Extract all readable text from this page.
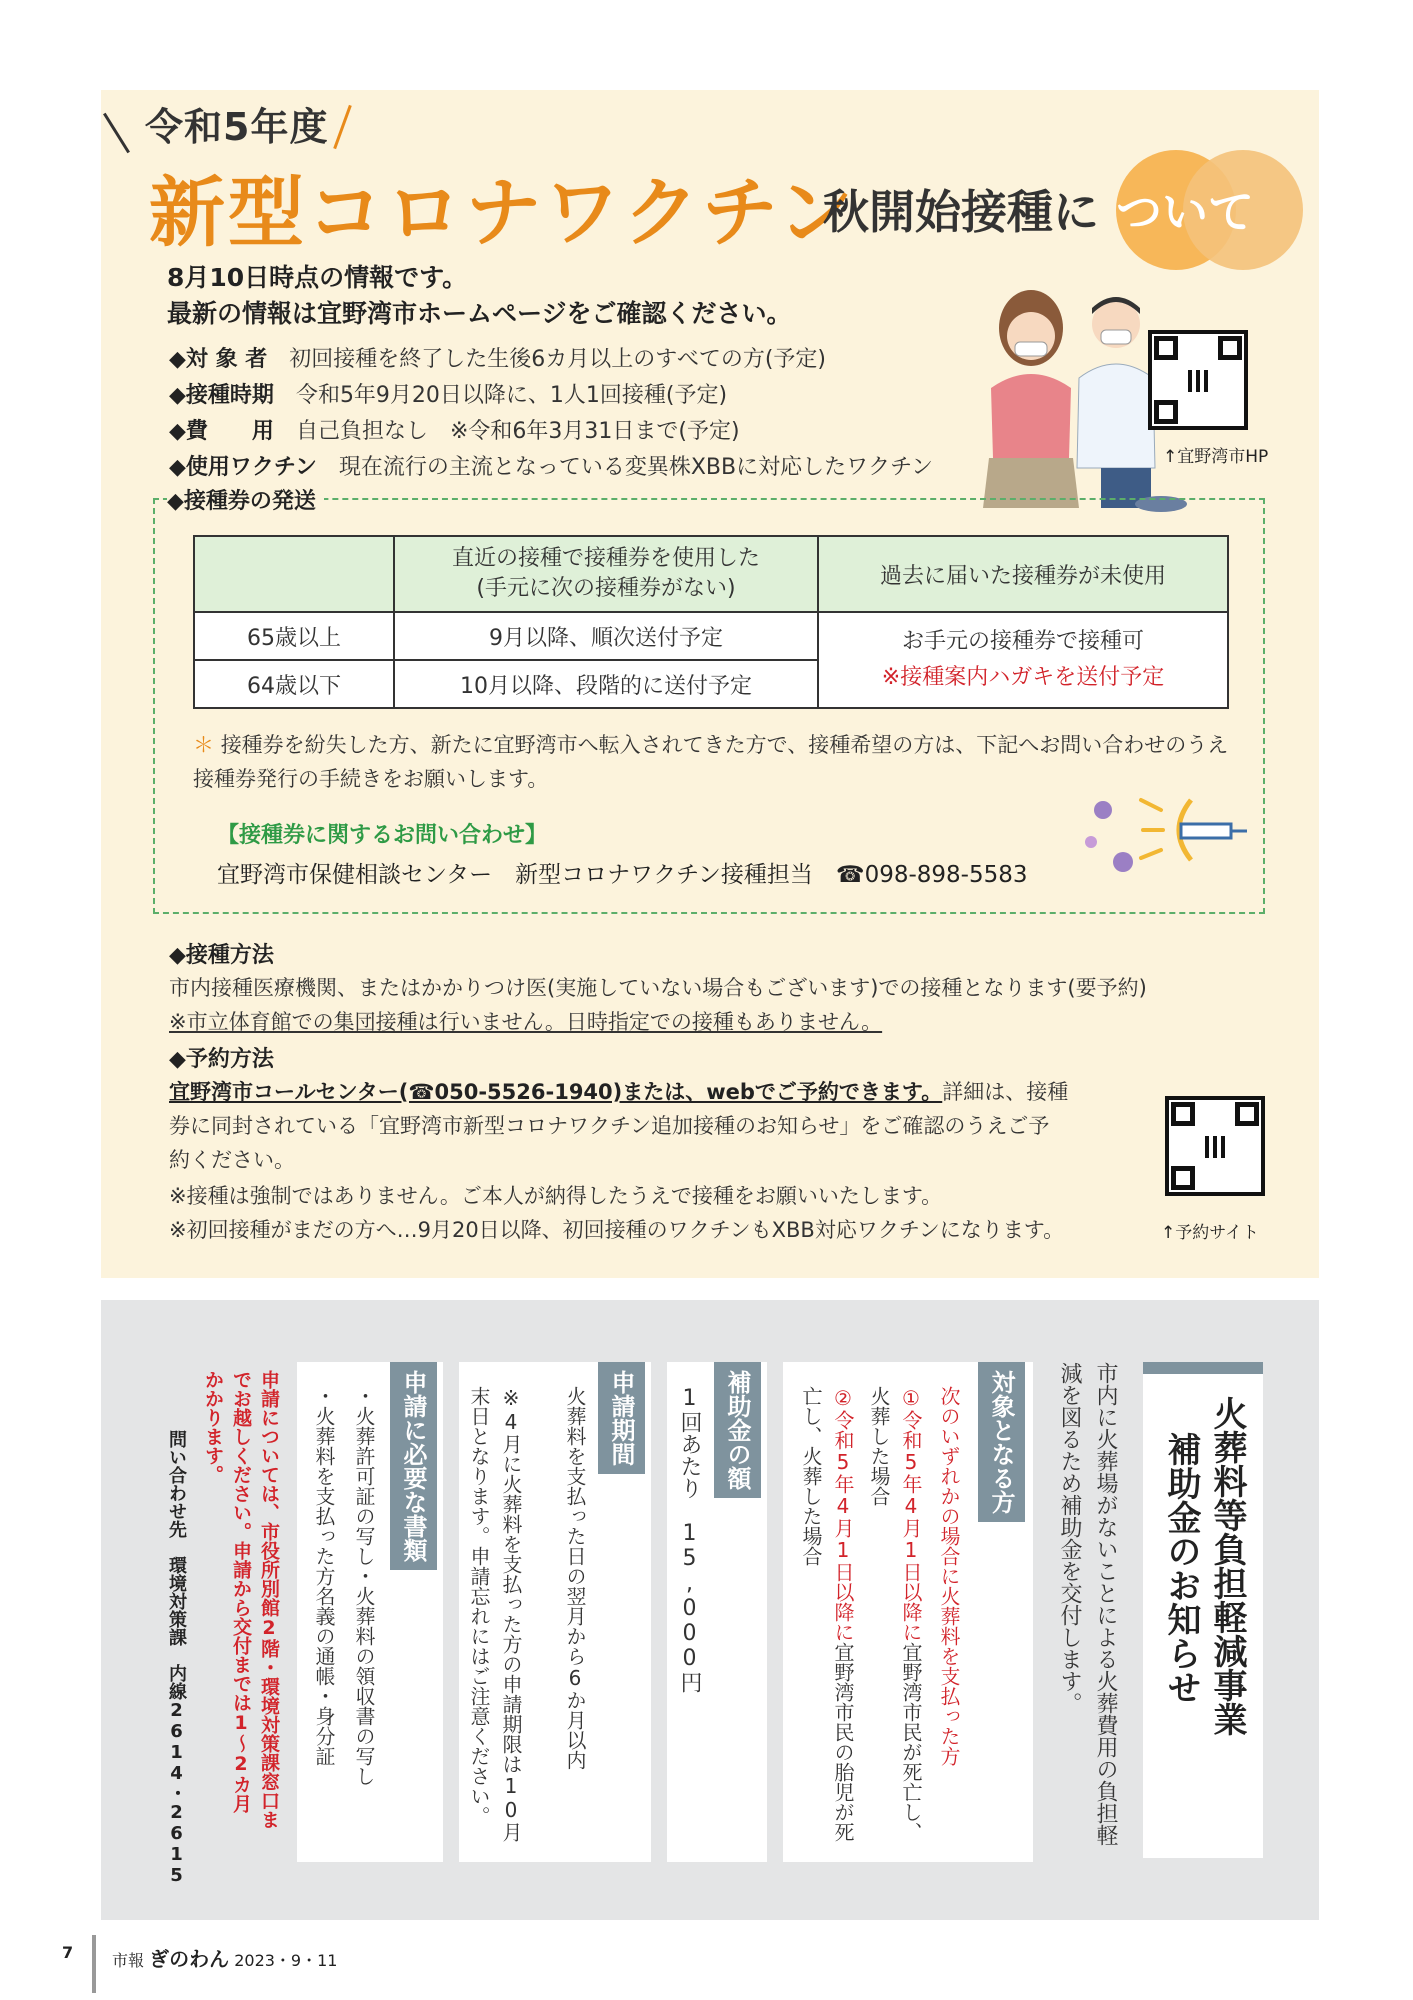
令和5年度
新型コロナワクチン
秋開始接種に ついて
8月10日時点の情報です。
最新の情報は宜野湾市ホームページをご確認ください。
◆対 象 者　 初回接種を終了した生後6カ月以上のすべての方(予定)
◆接種時期　 令和5年9月20日以降に、1人1回接種(予定)
◆費　　用　 自己負担なし　※令和6年3月31日まで(予定)
◆使用ワクチン　 現在流行の主流となっている変異株XBBに対応したワクチン	↑宜野湾市HP
◆接種券の発送
	直近の接種で接種券を使用した
(手元に次の接種券がない)	過去に届いた接種券が未使用
65歳以上	9月以降、順次送付予定	お手元の接種券で接種可
※接種案内ハガキを送付予定
64歳以下	10月以降、段階的に送付予定	
＊ 接種券を紛失した方、新たに宜野湾市へ転入されてきた方で、接種希望の方は、下記へお問い合わせのうえ接種券発行の手続きをお願いします。
【接種券に関するお問い合わせ】
宜野湾市保健相談センター　新型コロナワクチン接種担当　☎098-898-5583
◆接種方法
市内接種医療機関、またはかかりつけ医(実施していない場合もございます)での接種となります(要予約)
※市立体育館での集団接種は行いません。日時指定での接種もありません。
◆予約方法
宜野湾市コールセンター(☎050-5526-1940)または、webでご予約できます。詳細は、接種
券に同封されている「宜野湾市新型コロナワクチン追加接種のお知らせ」をご確認のうえご予
約ください。
※接種は強制ではありません。ご本人が納得したうえで接種をお願いいたします。
※初回接種がまだの方へ…9月20日以降、初回接種のワクチンもXBB対応ワクチンになります。	↑予約サイト
火葬料等負担軽減事業
補助金のお知らせ
市内に火葬場がないことによる火葬費用の負担軽減を図るため補助金を交付します。
対象となる方
次のいずれかの場合に火葬料を支払った方
①令和5年4月1日以降に宜野湾市民が死亡し、火葬した場合
②令和5年4月1日以降に宜野湾市民の胎児が死亡し、火葬した場合
補助金の額
1回あたり　15,000円
申請期間
火葬料を支払った日の翌月から6か月以内
※4月に火葬料を支払った方の申請期限は10月末日となります。申請忘れにはご注意ください。
申請に必要な書類
・火葬許可証の写し・火葬料の領収書の写し
・火葬料を支払った方名義の通帳・身分証
申請については、市役所別館2階・環境対策課窓口までお越しください。申請から交付までは1～2カ月かかります。
問い合わせ先　環境対策課　内線2614・2615
7 市報 ぎのわん 2023・9・11
